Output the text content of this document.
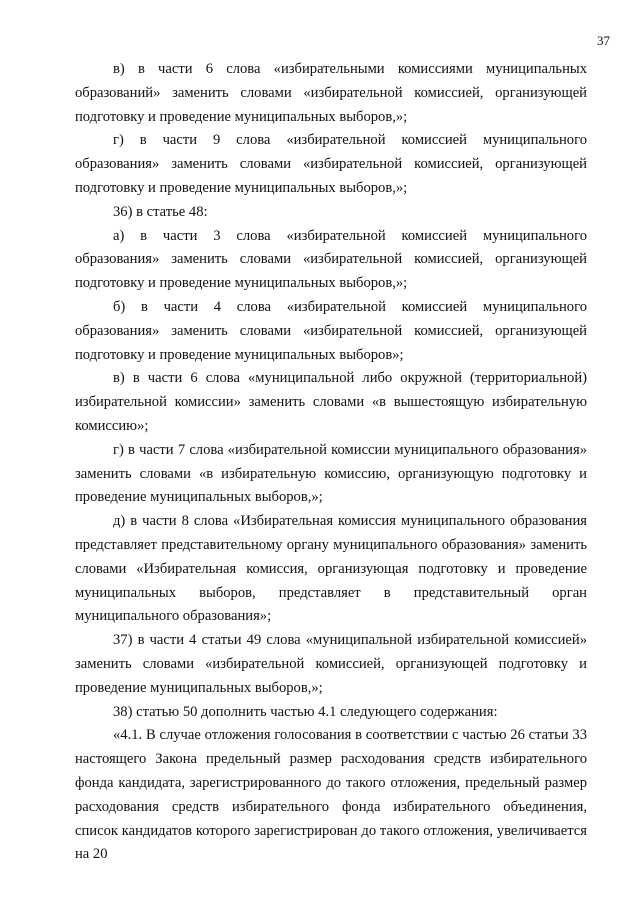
37

в) в части 6 слова «избирательными комиссиями муниципальных образований» заменить словами «избирательной комиссией, организующей подготовку и проведение муниципальных выборов,»;

г) в части 9 слова «избирательной комиссией муниципального образования» заменить словами «избирательной комиссией, организующей подготовку и проведение муниципальных выборов,»;

36) в статье 48:

а) в части 3 слова «избирательной комиссией муниципального образования» заменить словами «избирательной комиссией, организующей подготовку и проведение муниципальных выборов,»;

б) в части 4 слова «избирательной комиссией муниципального образования» заменить словами «избирательной комиссией, организующей подготовку и проведение муниципальных выборов»;

в) в части 6 слова «муниципальной либо окружной (территориальной) избирательной комиссии» заменить словами «в вышестоящую избирательную комиссию»;

г) в части 7 слова «избирательной комиссии муниципального образования» заменить словами «в избирательную комиссию, организующую подготовку и проведение муниципальных выборов,»;

д) в части 8 слова «Избирательная комиссия муниципального образования представляет представительному органу муниципального образования» заменить словами «Избирательная комиссия, организующая подготовку и проведение муниципальных выборов, представляет в представительный орган муниципального образования»;

37) в части 4 статьи 49 слова «муниципальной избирательной комиссией» заменить словами «избирательной комиссией, организующей подготовку и проведение муниципальных выборов,»;

38) статью 50 дополнить частью 4.1 следующего содержания:

«4.1. В случае отложения голосования в соответствии с частью 26 статьи 33 настоящего Закона предельный размер расходования средств избирательного фонда кандидата, зарегистрированного до такого отложения, предельный размер расходования средств избирательного фонда избирательного объединения, список кандидатов которого зарегистрирован до такого отложения, увеличивается на 20
